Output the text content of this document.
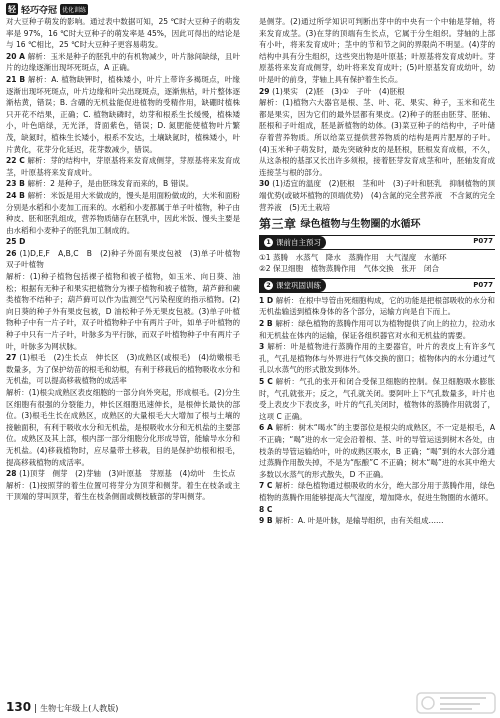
轻 轻巧夺冠 优化训练

对大豆种子萌发的影响。通过表中数据可知，25 ℃时大豆种子的萌发率是 97%，16 ℃时大豆种子的萌发率是 45%，因此可得出的结论是与 16 ℃相比，25 ℃时大豆种子更容易萌发。

20 A 解析：玉米是种子的胚乳中的有机物减少，叶片脉间缺绿，且叶片的边缘逐渐出现坏死斑点，A 正确。

21 B 解析：A. 植物缺钾时，植株矮小，叶片上带许多褐斑点，叶缘逐渐出现坏死斑点，叶片边缘和叶尖出现斑点，逐渐焦枯，叶片整体逐渐枯黄，错误；B. 含硼的无机盐能促进植物的受精作用，缺硼时植株只开花不结果，正确；C. 植物缺磷时，幼芽和根系生长缓慢，植株矮小，叶色暗绿，无光泽，背面紫色，错误；D. 氮肥能使植物叶片繁茂，缺氮时，植株生长矮小，根系不发达，土壤缺氮时，植株矮小，叶片黄化，花芽分化延迟，花芽数减少，错误。

22 C 解析：芽的结构中，芽原基将来发育成侧芽，芽原基将来发育成茎，叶原基将来发育成叶。

23 B 解析：2 是种子，是由胚珠发育而来的，B 错误。

24 B 解析：米饭是用大米做成的，馒头是用面粉做成的，大米和面粉分别是水稻和小麦加工而来的。水稻和小麦都属于单子叶植物，种子由种皮、胚和胚乳组成，营养物质储存在胚乳中，因此米饭、馒头主要是由水稻和小麦种子的胚乳加工制成的。

25 D

26 (1)D,E,F　A,B,C　B　(2)种子外面有果皮包被　(3)单子叶植物　双子叶植物

解析：(1)种子植物包括裸子植物和被子植物，如玉米、向日葵、油松；根据有无种子和果实把植物分为裸子植物和被子植物，葫芦藓和蕨类植物不结种子；葫芦藓可以作为监测空气污染程度的指示植物。(2)向日葵的种子外有果皮包被，D 油松种子外无果皮包被。(3)单子叶植物种子中有一片子叶，双子叶植物种子中有两片子叶，如单子叶植物的种子中只有一片子叶，叶脉多为平行脉，而双子叶植物种子中有两片子叶，叶脉多为网状脉。

27 (1)根毛　(2)生长点　伸长区　(3)成熟区(或根毛)　(4)幼嫩根毛数量多，为了保护幼苗的根毛和幼根，有利于移栽后的植物吸收水分和无机盐，可以提高移栽植物的成活率

解析：(1)根尖成熟区表皮细胞的一部分向外突起，形成根毛。(2)分生区细胞有很强的分裂能力，伸长区细胞迅速伸长，是根伸长最快的部位。(3)根毛生长在成熟区，成熟区的大量根毛大大增加了根与土壤的接触面积，有利于吸收水分和无机盐，是根吸收水分和无机盐的主要部位。成熟区及其上部，根内部一部分细胞分化形成导管，能输导水分和无机盐。(4)移栽植物时，应尽量带土移栽，目的是保护幼根和根毛，提高移栽植物的成活率。

28 (1)顶芽　侧芽　(2)芽轴　(3)叶原基　芽原基　(4)幼叶　生长点

解析：(1)按照芽的着生位置可将芽分为顶芽和侧芽。着生在枝条或主干顶端的芽叫顶芽，着生在枝条侧面或侧枝腋部的芽叫侧芽。

是侧芽。(2)通过所学知识可判断出芽中的中央有一个中轴是芽轴，将来发育成茎。(3)在芽的顶端有生长点，它属于分生组织。芽轴的上部有小叶，将来发育成叶；茎中的节和节之间的界限尚不明显。(4)芽的结构中具有分生组织，这些突出物是叶原基；叶原基将发育成幼叶。芽原基将来发育成侧芽，幼叶将来发育成叶；(5)叶原基发育成幼叶，幼叶是叶的前身，芽轴上具有保护着生长点。

29 (1)果实　(2)胚　(3)①　子叶　(4)胚根

解析：(1)植物六大器官是根、茎、叶、花、果实、种子，玉米和花生都是果实，因为它们的最外层都有果皮。(2)种子的胚由胚芽、胚轴、胚根和子叶组成，胚是新植物的幼体。(3)菜豆种子的结构中，子叶储存着营养物质。所以给菜豆提供营养物质的结构是两片肥厚的子叶。(4)玉米种子萌发时，最先突破种皮的是胚根，胚根发育成根，不久，从这条根的基部又长出许多须根，接着胚芽发育成茎和叶，胚轴发育成连接茎与根的部分。

30 (1)适宜的温度　(2)胚根　茎和叶　(3)子叶和胚乳　抑制植物的顶端优势(或破坏植物的顶端优势)　(4)含氮的完全营养液　不含氮的完全营养液　(5)无土栽培

第三章 绿色植物与生物圈的水循环
1 课前自主预习	P077

①1 蒸腾　水蒸气　降水　蒸腾作用　大气湿度　水循环

②2 保卫细胞　植物蒸腾作用　气体交换　张开　闭合

2 课堂巩固训练	P077

1 D 解析：在根中导管由死细胞构成，它的功能是把根部吸收的水分和无机盐输送到植株身体的各个部分，运输方向是自下而上。

2 B 解析：绿色植物的蒸腾作用可以为植物提供了向上的拉力，拉动水和无机盐在体内的运输，保证各组织器官对水和无机盐的需要。

3 解析：叶是植物进行蒸腾作用的主要器官，叶片的表皮上有许多气孔，气孔是植物体与外界进行气体交换的窗口；植物体内的水分通过气孔以水蒸气的形式散发到体外。

5 C 解析：气孔的张开和闭合受保卫细胞的控制。保卫细胞吸水膨胀时，气孔就张开；反之，气孔就关闭。要阿叶上下气孔数量多，叶片也受上表皮少下表皮多，叶片的气孔关闭时，植物体的蒸腾作用就弱了，这项 C 正确。

6 A 解析：树木“喝水”的主要部位是根尖的成熟区，不一定是根毛，A 不正确；“喝”进的水一定会沿着根、茎、叶的导管运送到树木各处，由枝条的导管运输给叶，叶的成熟区吸水，B 正确；“喝”到的水大部分通过蒸腾作用散失掉，不是为“酝酿”C 不正确；树木“喝”进的水其中绝大多数以水蒸气的形式散失，D 不正确。

7 C 解析：绿色植物通过根吸收的水分，绝大部分用于蒸腾作用，绿色植物的蒸腾作用能够提高大气湿度，增加降水，促进生物圈的水循环。

8 C

9 B 解析：A. 叶是叶脉，是输导组织，由有关组成……

130 | 生物七年级上(人教版)
